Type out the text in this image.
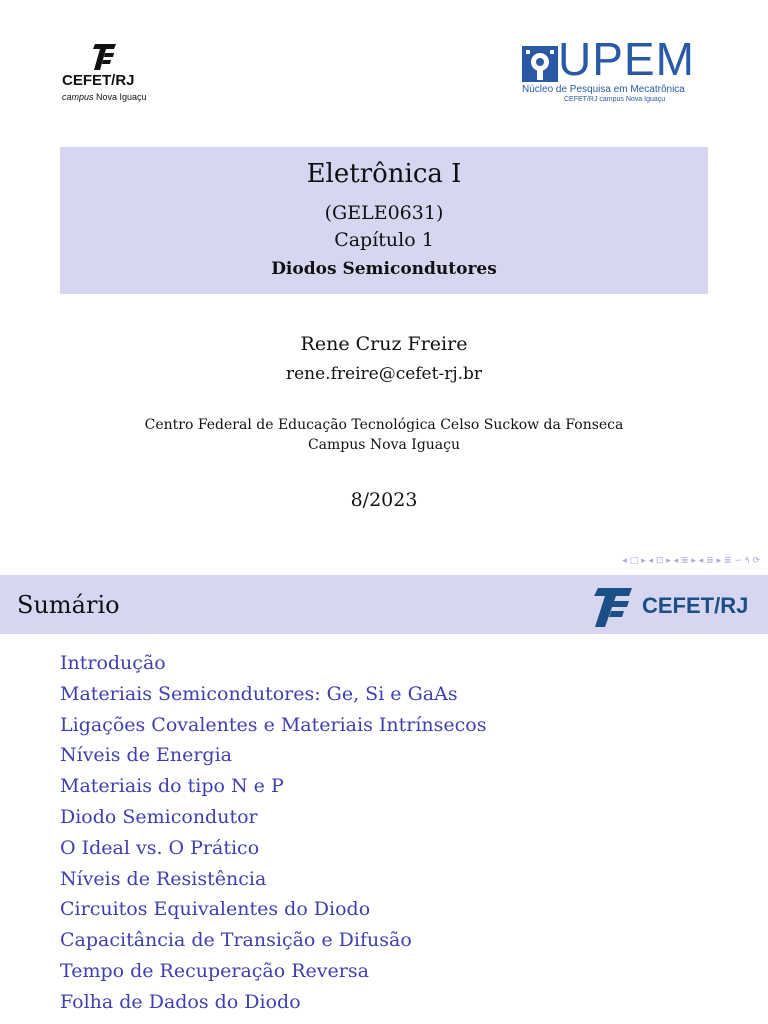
CEFET/RJ
campus Nova Iguaçu
UPEM
Núcleo de Pesquisa em Mecatrônica
CEFET/RJ campus Nova Iguaçu
Eletrônica I
(GELE0631)
Capítulo 1
Diodos Semicondutores
Rene Cruz Freire
rene.freire@cefet-rj.br
Centro Federal de Educação Tecnológica Celso Suckow da Fonseca
Campus Nova Iguaçu
8/2023
◂ □ ▸ ◂ ⊡ ▸ ◂ ≣ ▸ ◂ ≣ ▸ ≣ ∽ ۹ ⟳
Sumário	CEFET/RJ
Introdução
Materiais Semicondutores: Ge, Si e GaAs
Ligações Covalentes e Materiais Intrínsecos
Níveis de Energia
Materiais do tipo N e P
Diodo Semicondutor
O Ideal vs. O Prático
Níveis de Resistência
Circuitos Equivalentes do Diodo
Capacitância de Transição e Difusão
Tempo de Recuperação Reversa
Folha de Dados do Diodo
